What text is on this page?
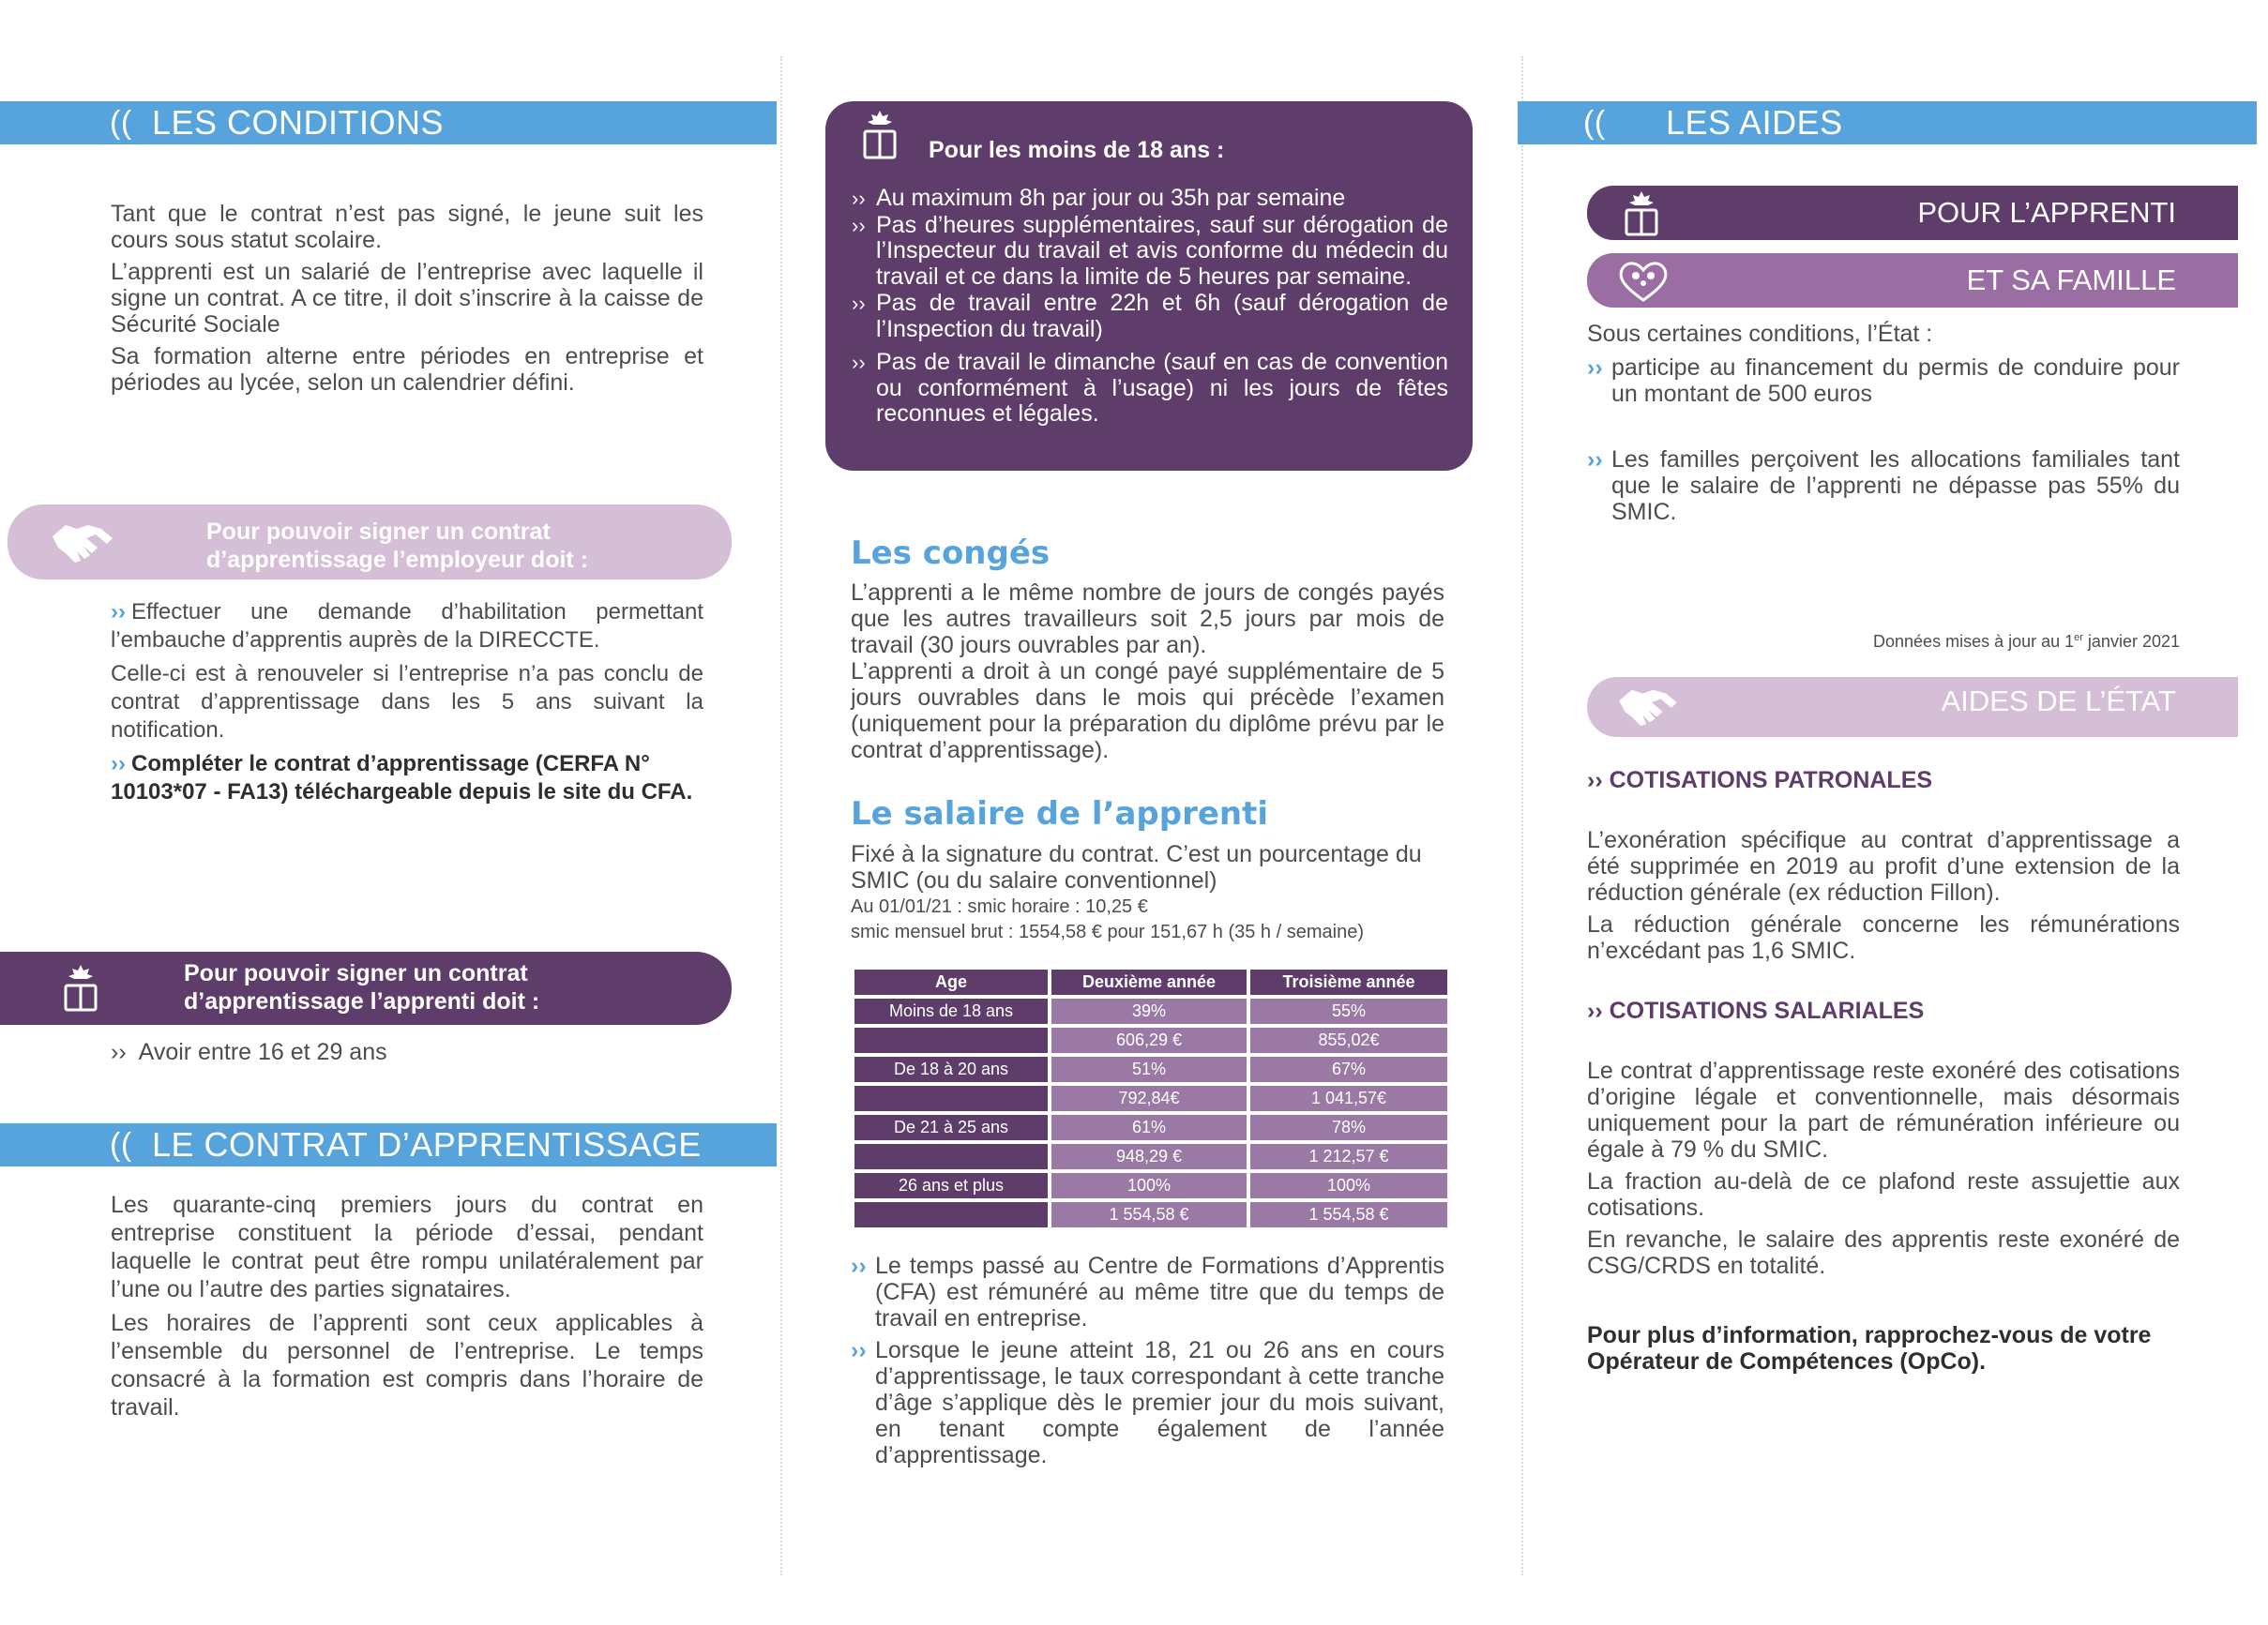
(( LES CONDITIONS
Tant que le contrat n’est pas signé, le jeune suit les cours sous statut scolaire.
L’apprenti est un salarié de l’entreprise avec laquelle il signe un contrat. A ce titre, il doit s’inscrire à la caisse de Sécurité Sociale
Sa formation alterne entre périodes en entreprise et périodes au lycée, selon un calendrier défini.
Pour pouvoir signer un contrat d’apprentissage l’employeur doit :
›› Effectuer une demande d’habilitation permettant l’embauche d’apprentis auprès de la DIRECCTE.
Celle-ci est à renouveler si l’entreprise n’a pas conclu de contrat d’apprentissage dans les 5 ans suivant la notification.
›› Compléter le contrat d’apprentissage (CERFA N° 10103*07 - FA13) téléchargeable depuis le site du CFA.
Pour pouvoir signer un contrat d’apprentissage l’apprenti doit :
›› Avoir entre 16 et 29 ans
(( LE CONTRAT D’APPRENTISSAGE
Les quarante-cinq premiers jours du contrat en entreprise constituent la période d’essai, pendant laquelle le contrat peut être rompu unilatéralement par l’une ou l’autre des parties signataires.
Les horaires de l’apprenti sont ceux applicables à l’ensemble du personnel de l’entreprise. Le temps consacré à la formation est compris dans l’horaire de travail.
Pour les moins de 18 ans :
›› Au maximum 8h par jour ou 35h par semaine
›› Pas d’heures supplémentaires, sauf sur dérogation de l’Inspecteur du travail et avis conforme du médecin du travail et ce dans la limite de 5 heures par semaine.
›› Pas de travail entre 22h et 6h (sauf dérogation de l’Inspection du travail)
›› Pas de travail le dimanche (sauf en cas de convention ou conformément à l’usage) ni les jours de fêtes reconnues et légales.
Les congés
L’apprenti a le même nombre de jours de congés payés que les autres travailleurs soit 2,5 jours par mois de travail (30 jours ouvrables par an).
L’apprenti a droit à un congé payé supplémentaire de 5 jours ouvrables dans le mois qui précède l’examen (uniquement pour la préparation du diplôme prévu par le contrat d’apprentissage).
Le salaire de l’apprenti
Fixé à la signature du contrat. C’est un pourcentage du SMIC (ou du salaire conventionnel)
Au 01/01/21 : smic horaire : 10,25 €
smic mensuel brut : 1554,58 € pour 151,67 h (35 h / semaine)
Age	Deuxième année	Troisième année
Moins de 18 ans	39%	55%
	606,29 €	855,02€
De 18 à 20 ans	51%	67%
	792,84€	1 041,57€
De 21 à 25 ans	61%	78%
	948,29 €	1 212,57 €
26 ans et plus	100%	100%
	1 554,58 €	1 554,58 €
›› Le temps passé au Centre de Formations d’Apprentis (CFA) est rémunéré au même titre que du temps de travail en entreprise.
›› Lorsque le jeune atteint 18, 21 ou 26 ans en cours d’apprentissage, le taux correspondant à cette tranche d’âge s’applique dès le premier jour du mois suivant, en tenant compte également de l’année d’apprentissage.
(( LES AIDES
POUR L’APPRENTI
ET SA FAMILLE
Sous certaines conditions, l’État :
›› participe au financement du permis de conduire pour un montant de 500 euros
›› Les familles perçoivent les allocations familiales tant que le salaire de l’apprenti ne dépasse pas 55% du SMIC.
Données mises à jour au 1er janvier 2021
AIDES DE L’ÉTAT
›› COTISATIONS PATRONALES
L’exonération spécifique au contrat d’apprentissage a été supprimée en 2019 au profit d’une extension de la réduction générale (ex réduction Fillon).
La réduction générale concerne les rémunérations n’excédant pas 1,6 SMIC.
›› COTISATIONS SALARIALES
Le contrat d’apprentissage reste exonéré des cotisations d’origine légale et conventionnelle, mais désormais uniquement pour la part de rémunération inférieure ou égale à 79 % du SMIC.
La fraction au-delà de ce plafond reste assujettie aux cotisations.
En revanche, le salaire des apprentis reste exonéré de CSG/CRDS en totalité.
Pour plus d’information, rapprochez-vous de votre Opérateur de Compétences (OpCo).
